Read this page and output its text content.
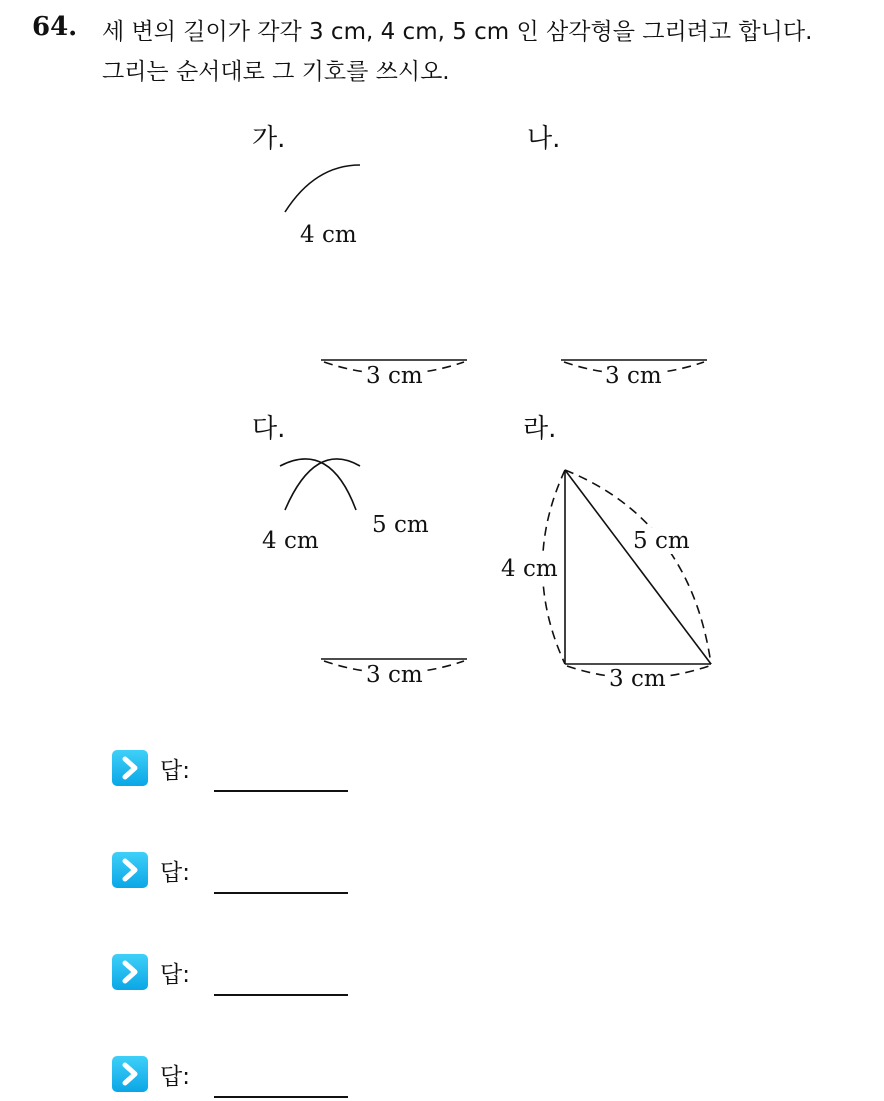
64. 세 변의 길이가 각각 3 cm, 4 cm, 5 cm 인 삼각형을 그리려고 합니다.
그리는 순서대로 그 기호를 쓰시오.
가.	나.
다.	라.
4 cm
3 cm	3 cm
4 cm
5 cm
3 cm
4 cm
5 cm
3 cm
답:
답:
답:
답:
